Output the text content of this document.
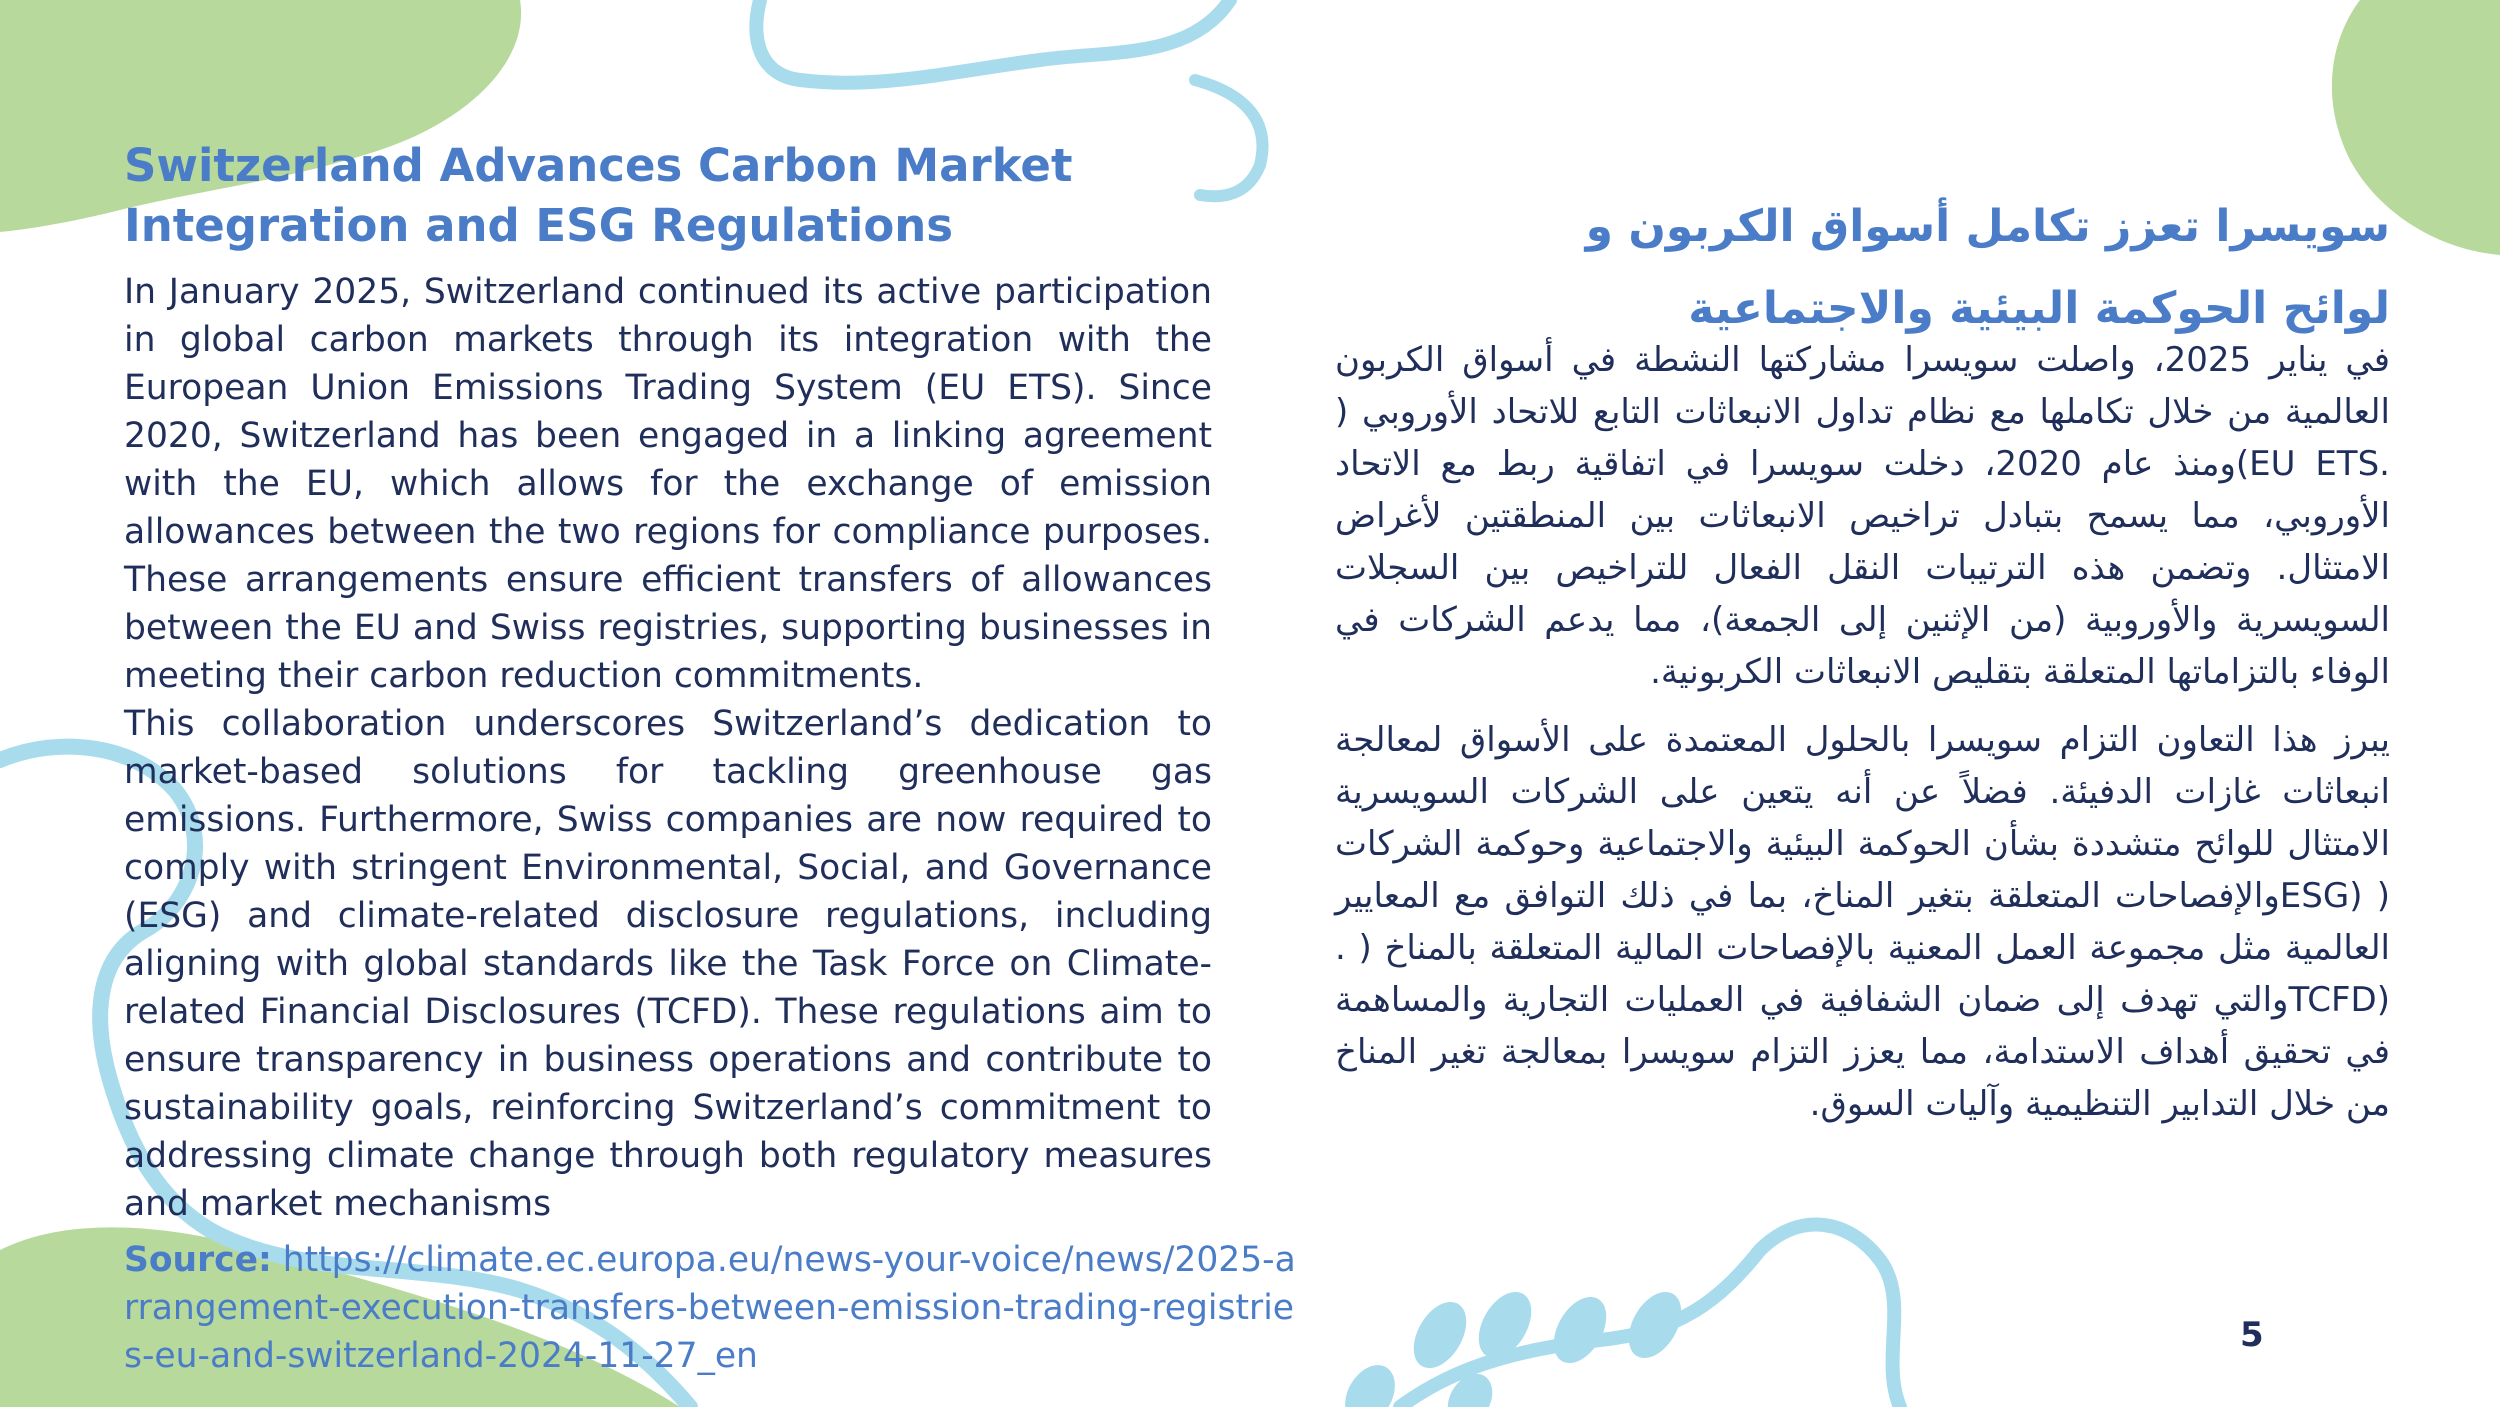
Switzerland Advances Carbon Market Integration and ESG Regulations

In January 2025, Switzerland continued its active participation in global carbon markets through its integration with the European Union Emissions Trading System (EU ETS). Since 2020, Switzerland has been engaged in a linking agreement with the EU, which allows for the exchange of emission allowances between the two regions for compliance purposes. These arrangements ensure efficient transfers of allowances between the EU and Swiss registries, supporting businesses in meeting their carbon reduction commitments.

This collaboration underscores Switzerland’s dedication to market-based solutions for tackling greenhouse gas emissions. Furthermore, Swiss companies are now required to comply with stringent Environmental, Social, and Governance (ESG) and climate-related disclosure regulations, including aligning with global standards like the Task Force on Climate-related Financial Disclosures (TCFD). These regulations aim to ensure transparency in business operations and contribute to sustainability goals, reinforcing Switzerland’s commitment to addressing climate change through both regulatory measures and market mechanisms

Source: https://climate.ec.europa.eu/news-your-voice/news/2025-arrangement-execution-transfers-between-emission-trading-registries-eu-and-switzerland-2024-11-27_en
سويسرا تعزز تكامل أسواق الكربون و لوائح الحوكمة البيئية والاجتماعية

في يناير 2025، واصلت سويسرا مشاركتها النشطة في أسواق الكربون العالمية من خلال تكاملها مع نظام تداول الانبعاثات التابع للاتحاد الأوروبي ( .EU ETS)ومنذ عام 2020، دخلت سويسرا في اتفاقية ربط مع الاتحاد الأوروبي، مما يسمح بتبادل تراخيص الانبعاثات بين المنطقتين لأغراض الامتثال. وتضمن هذه الترتيبات النقل الفعال للتراخيص بين السجلات السويسرية والأوروبية (من الإثنين إلى الجمعة)، مما يدعم الشركات في الوفاء بالتزاماتها المتعلقة بتقليص الانبعاثات الكربونية.

يبرز هذا التعاون التزام سويسرا بالحلول المعتمدة على الأسواق لمعالجة انبعاثات غازات الدفيئة. فضلاً عن أنه يتعين على الشركات السويسرية الامتثال للوائح متشددة بشأن الحوكمة البيئية والاجتماعية وحوكمة الشركات ( (ESGوالإفصاحات المتعلقة بتغير المناخ، بما في ذلك التوافق مع المعايير العالمية مثل مجموعة العمل المعنية بالإفصاحات المالية المتعلقة بالمناخ ( .(TCFDوالتي تهدف إلى ضمان الشفافية في العمليات التجارية والمساهمة في تحقيق أهداف الاستدامة، مما يعزز التزام سويسرا بمعالجة تغير المناخ من خلال التدابير التنظيمية وآليات السوق.

5
